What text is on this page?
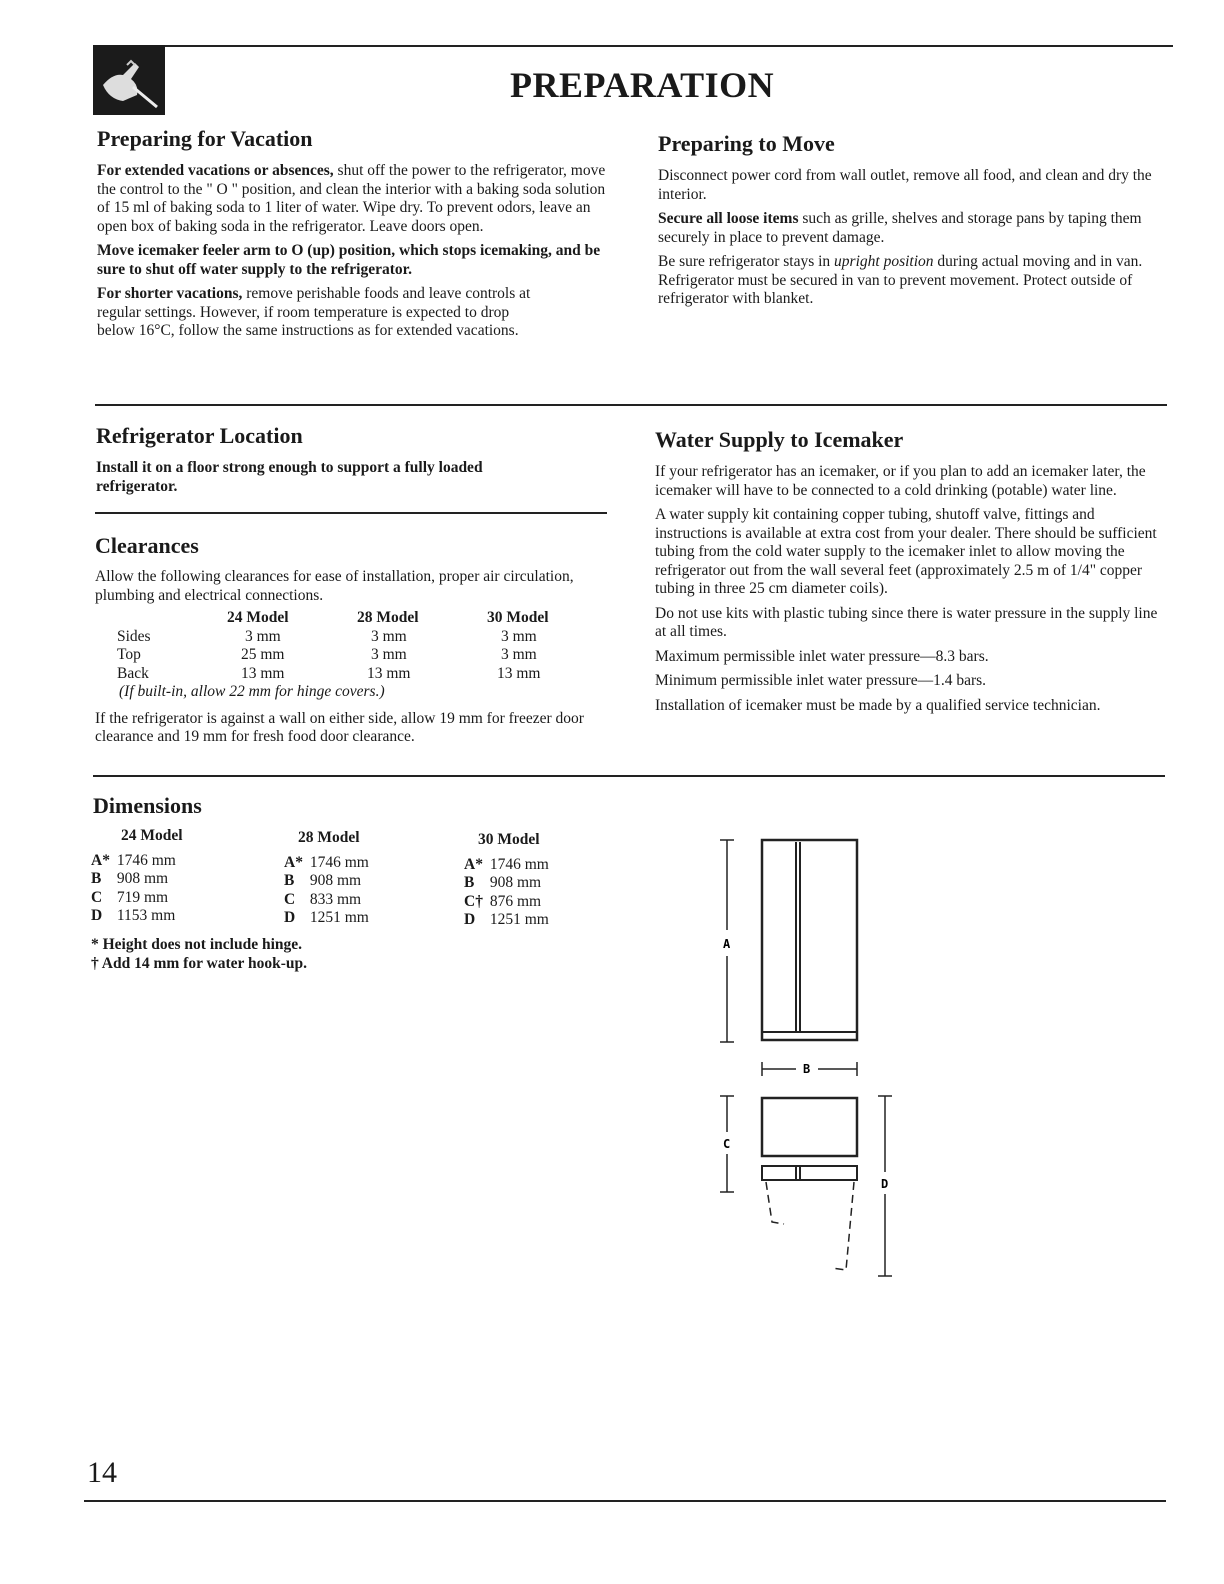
PREPARATION
Preparing for Vacation

For extended vacations or absences, shut off the power to the refrigerator, move the control to the " O " position, and clean the interior with a baking soda solution of 15 ml of baking soda to 1 liter of water. Wipe dry. To prevent odors, leave an open box of baking soda in the refrigerator. Leave doors open.

Move icemaker feeler arm to O (up) position, which stops icemaking, and be sure to shut off water supply to the refrigerator.

For shorter vacations, remove perishable foods and leave controls at regular settings. However, if room temperature is expected to drop below 16°C, follow the same instructions as for extended vacations.

Preparing to Move

Disconnect power cord from wall outlet, remove all food, and clean and dry the interior.

Secure all loose items such as grille, shelves and storage pans by taping them securely in place to prevent damage.

Be sure refrigerator stays in upright position during actual moving and in van. Refrigerator must be secured in van to prevent movement. Protect outside of refrigerator with blanket.

Refrigerator Location

Install it on a floor strong enough to support a fully loaded refrigerator.

Clearances

Allow the following clearances for ease of installation, proper air circulation, plumbing and electrical connections.

	24 Model	28 Model	30 Model
Sides	3 mm	3 mm	3 mm
Top	25 mm	3 mm	3 mm
Back	13 mm	13 mm	13 mm

(If built-in, allow 22 mm for hinge covers.)

If the refrigerator is against a wall on either side, allow 19 mm for freezer door clearance and 19 mm for fresh food door clearance.

Water Supply to Icemaker

If your refrigerator has an icemaker, or if you plan to add an icemaker later, the icemaker will have to be connected to a cold drinking (potable) water line.

A water supply kit containing copper tubing, shutoff valve, fittings and instructions is available at extra cost from your dealer. There should be sufficient tubing from the cold water supply to the icemaker inlet to allow moving the refrigerator out from the wall several feet (approximately 2.5 m of 1/4" copper tubing in three 25 cm diameter coils).

Do not use kits with plastic tubing since there is water pressure in the supply line at all times.

Maximum permissible inlet water pressure—8.3 bars.

Minimum permissible inlet water pressure—1.4 bars.

Installation of icemaker must be made by a qualified service technician.

Dimensions
24 Model
A* 1746 mm
B 908 mm
C 719 mm
D 1153 mm
28 Model
A* 1746 mm
B 908 mm
C 833 mm
D 1251 mm
30 Model
A* 1746 mm
B 908 mm
C† 876 mm
D 1251 mm
* Height does not include hinge.
† Add 14 mm for water hook-up.
A
B
C
D
14
